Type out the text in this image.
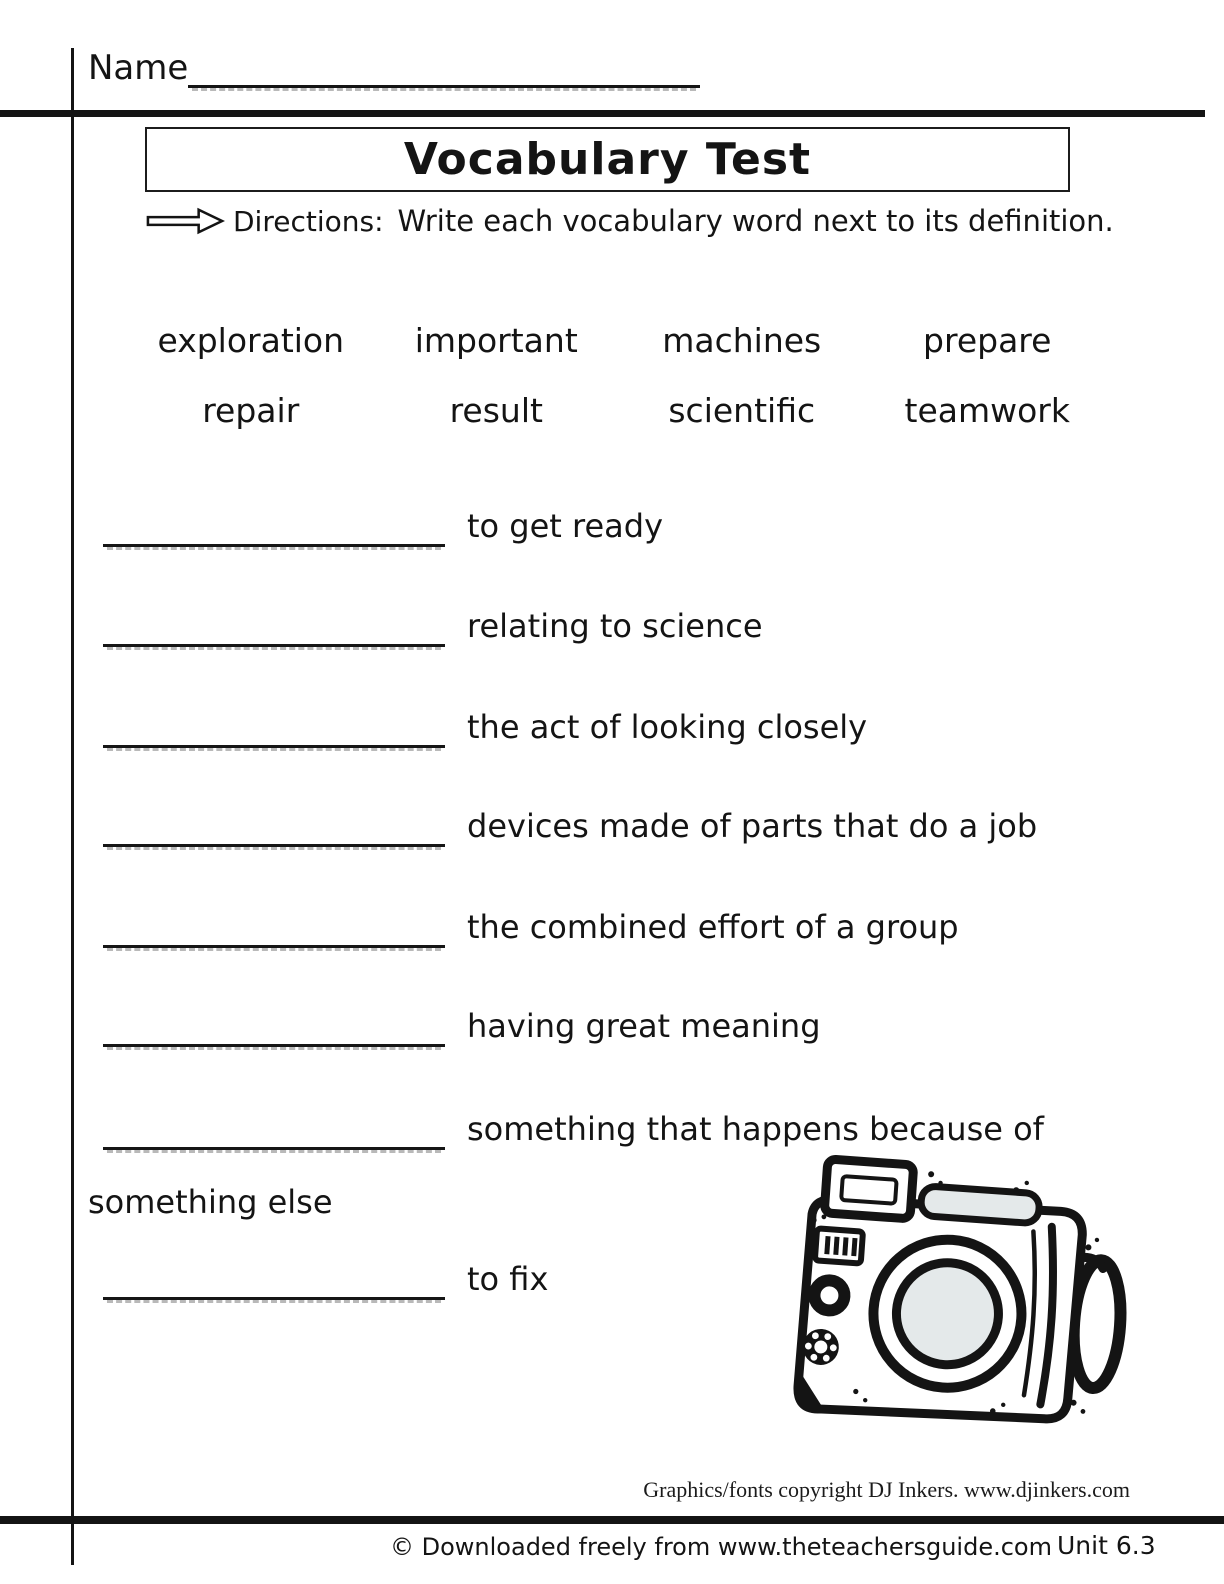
Name
Vocabulary Test
Directions: Write each vocabulary word next to its definition.
exploration	important	machines	prepare
repair	result	scientific	teamwork
to get ready
relating to science
the act of looking closely
devices made of parts that do a job
the combined effort of a group
having great meaning
something that happens because of
something else
to fix
Graphics/fonts copyright DJ Inkers. www.djinkers.com
© Downloaded freely from www.theteachersguide.com Unit 6.3
